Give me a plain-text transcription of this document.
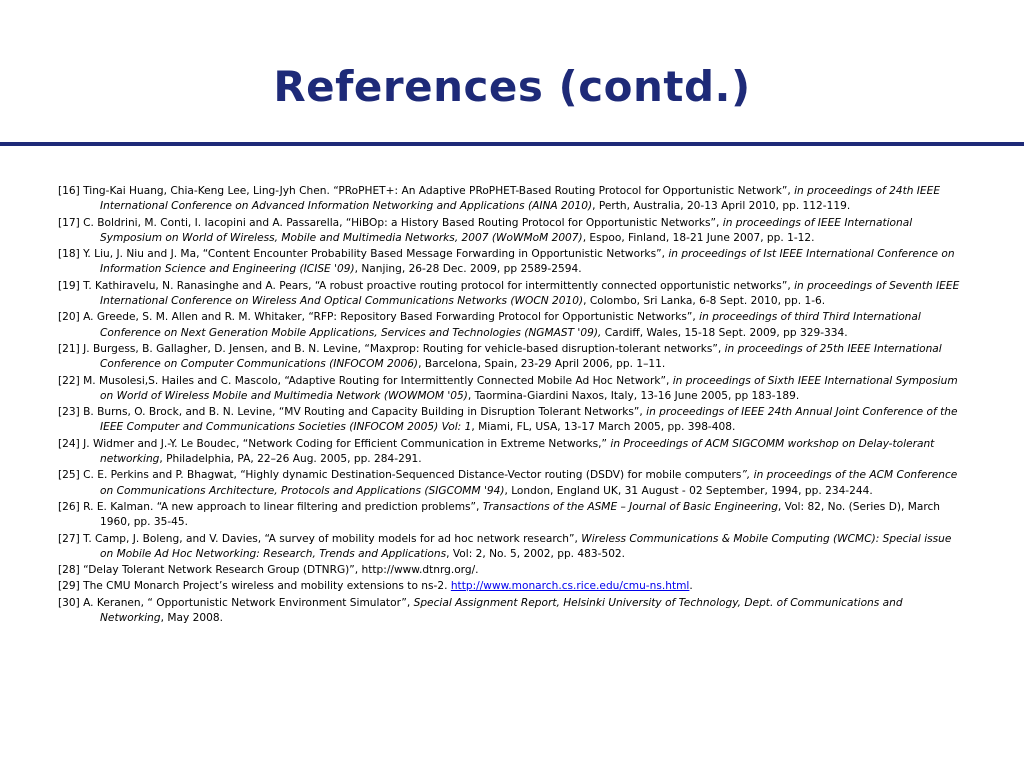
References (contd.)

[16] Ting-Kai Huang, Chia-Keng Lee, Ling-Jyh Chen. “PRoPHET+: An Adaptive PRoPHET-Based Routing Protocol for Opportunistic Network”, in proceedings of 24th IEEE International Conference on Advanced Information Networking and Applications (AINA 2010), Perth, Australia, 20-13 April 2010, pp. 112-119.

[17] C. Boldrini, M. Conti, I. Iacopini and A. Passarella, “HiBOp: a History Based Routing Protocol for Opportunistic Networks”, in proceedings of IEEE International Symposium on World of Wireless, Mobile and Multimedia Networks, 2007 (WoWMoM 2007), Espoo, Finland, 18-21 June 2007, pp. 1-12.

[18] Y. Liu, J. Niu and J. Ma, “Content Encounter Probability Based Message Forwarding in Opportunistic Networks”, in proceedings of Ist IEEE International Conference on Information Science and Engineering (ICISE '09), Nanjing, 26-28 Dec. 2009, pp 2589-2594.

[19] T. Kathiravelu, N. Ranasinghe and A. Pears, “A robust proactive routing protocol for intermittently connected opportunistic networks”, in proceedings of Seventh IEEE International Conference on Wireless And Optical Communications Networks (WOCN 2010), Colombo, Sri Lanka, 6-8 Sept. 2010, pp. 1-6.

[20] A. Greede, S. M. Allen and R. M. Whitaker, “RFP: Repository Based Forwarding Protocol for Opportunistic Networks”, in proceedings of third Third International Conference on Next Generation Mobile Applications, Services and Technologies (NGMAST '09), Cardiff, Wales, 15-18 Sept. 2009, pp 329-334.

[21] J. Burgess, B. Gallagher, D. Jensen, and B. N. Levine, “Maxprop: Routing for vehicle-based disruption-tolerant networks”, in proceedings of 25th IEEE International Conference on Computer Communications (INFOCOM 2006), Barcelona, Spain, 23-29 April 2006, pp. 1–11.

[22] M. Musolesi,S. Hailes and C. Mascolo, “Adaptive Routing for Intermittently Connected Mobile Ad Hoc Network”, in proceedings of Sixth IEEE International Symposium on World of Wireless Mobile and Multimedia Network (WOWMOM '05), Taormina-Giardini Naxos, Italy, 13-16 June 2005, pp 183-189.

[23] B. Burns, O. Brock, and B. N. Levine, “MV Routing and Capacity Building in Disruption Tolerant Networks”, in proceedings of IEEE 24th Annual Joint Conference of the IEEE Computer and Communications Societies (INFOCOM 2005) Vol: 1, Miami, FL, USA, 13-17 March 2005, pp. 398-408.

[24] J. Widmer and J.-Y. Le Boudec, “Network Coding for Efficient Communication in Extreme Networks,” in Proceedings of ACM SIGCOMM workshop on Delay-tolerant networking, Philadelphia, PA, 22–26 Aug. 2005, pp. 284-291.

[25] C. E. Perkins and P. Bhagwat, “Highly dynamic Destination-Sequenced Distance-Vector routing (DSDV) for mobile computers”, in proceedings of the ACM Conference on Communications Architecture, Protocols and Applications (SIGCOMM '94), London, England UK, 31 August - 02 September, 1994, pp. 234-244.

[26] R. E. Kalman. “A new approach to linear filtering and prediction problems”, Transactions of the ASME – Journal of Basic Engineering, Vol: 82, No. (Series D), March 1960, pp. 35-45.

[27] T. Camp, J. Boleng, and V. Davies, “A survey of mobility models for ad hoc network research”, Wireless Communications & Mobile Computing (WCMC): Special issue on Mobile Ad Hoc Networking: Research, Trends and Applications, Vol: 2, No. 5, 2002, pp. 483-502.

[28] “Delay Tolerant Network Research Group (DTNRG)”, http://www.dtnrg.org/.

[29] The CMU Monarch Project’s wireless and mobility extensions to ns-2. http://www.monarch.cs.rice.edu/cmu-ns.html.

[30] A. Keranen, “ Opportunistic Network Environment Simulator”, Special Assignment Report, Helsinki University of Technology, Dept. of Communications and Networking, May 2008.
